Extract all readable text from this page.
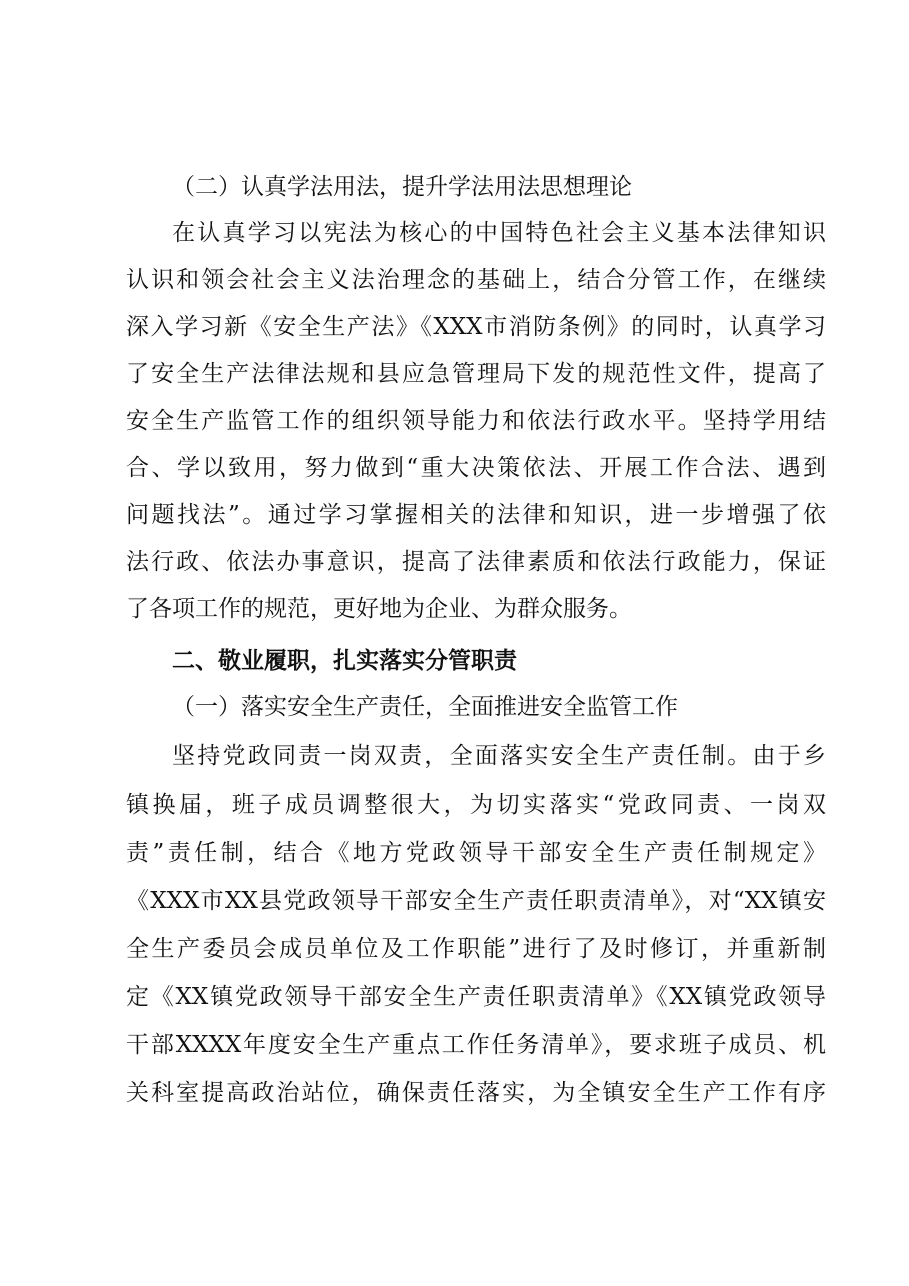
（二）认真学法用法，提升学法用法思想理论
在认真学习以宪法为核心的中国特色社会主义基本法律知识
认识和领会社会主义法治理念的基础上，结合分管工作，在继续
深入学习新《安全生产法》《XXX市消防条例》的同时，认真学习
了安全生产法律法规和县应急管理局下发的规范性文件，提高了
安全生产监管工作的组织领导能力和依法行政水平。坚持学用结
合、学以致用，努力做到“重大决策依法、开展工作合法、遇到
问题找法”。通过学习掌握相关的法律和知识，进一步增强了依
法行政、依法办事意识，提高了法律素质和依法行政能力，保证
了各项工作的规范，更好地为企业、为群众服务。
二、敬业履职，扎实落实分管职责
（一）落实安全生产责任，全面推进安全监管工作
坚持党政同责一岗双责，全面落实安全生产责任制。由于乡
镇换届，班子成员调整很大，为切实落实“党政同责、一岗双
责”责任制，结合《地方党政领导干部安全生产责任制规定》
《XXX市XX县党政领导干部安全生产责任职责清单》，对“XX镇安
全生产委员会成员单位及工作职能”进行了及时修订，并重新制
定《XX镇党政领导干部安全生产责任职责清单》《XX镇党政领导
干部XXXX年度安全生产重点工作任务清单》，要求班子成员、机
关科室提高政治站位，确保责任落实，为全镇安全生产工作有序
